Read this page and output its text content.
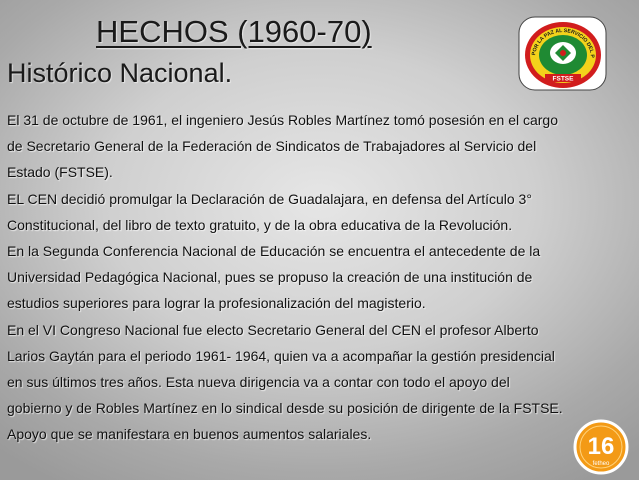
HECHOS (1960-70)
Histórico Nacional.

El 31 de octubre de 1961, el ingeniero Jesús Robles Martínez tomó posesión en el cargo

de Secretario General de la Federación de Sindicatos de Trabajadores al Servicio del

Estado (FSTSE).

EL CEN decidió promulgar la Declaración de Guadalajara, en defensa del Artículo 3°

Constitucional, del libro de texto gratuito, y de la obra educativa de la Revolución.

En la Segunda Conferencia Nacional de Educación se encuentra el antecedente de la

Universidad Pedagógica Nacional, pues se propuso la creación de una institución de

estudios superiores para lograr la profesionalización del magisterio.

En el VI Congreso Nacional fue electo Secretario General del CEN el profesor Alberto

Larios Gaytán para el periodo 1961- 1964, quien va a acompañar la gestión presidencial

en sus últimos tres años. Esta nueva dirigencia va a contar con todo el apoyo del

gobierno y de Robles Martínez en lo sindical desde su posición de dirigente de la FSTSE.

Apoyo que se manifestara en buenos aumentos salariales.

POR LA PAZ AL SERVICIO DEL P
FSTSE
16
fetheo
